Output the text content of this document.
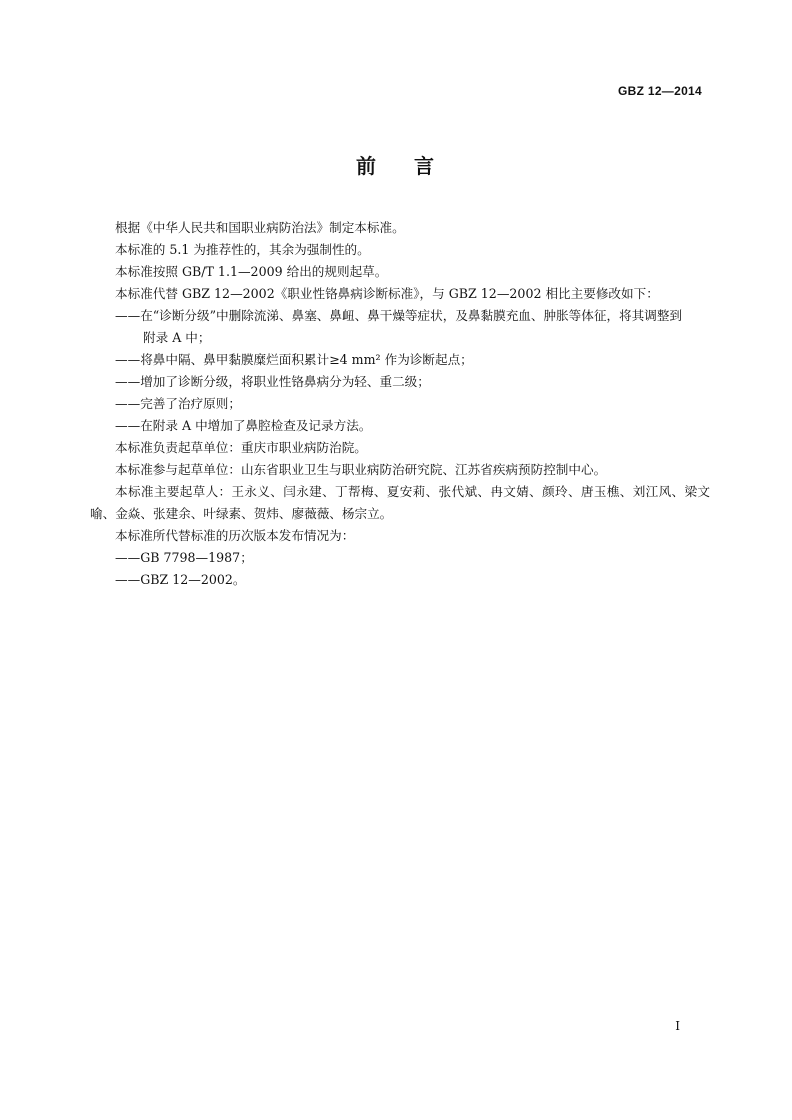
GBZ 12—2014
前 言

根据《中华人民共和国职业病防治法》制定本标准。

本标准的 5.1 为推荐性的，其余为强制性的。

本标准按照 GB/T 1.1—2009 给出的规则起草。

本标准代替 GBZ 12—2002《职业性铬鼻病诊断标准》，与 GBZ 12—2002 相比主要修改如下：

——在“诊断分级”中删除流涕、鼻塞、鼻衄、鼻干燥等症状，及鼻黏膜充血、肿胀等体征，将其调整到

附录 A 中；

——将鼻中隔、鼻甲黏膜糜烂面积累计≥4 mm² 作为诊断起点；

——增加了诊断分级，将职业性铬鼻病分为轻、重二级；

——完善了治疗原则；

——在附录 A 中增加了鼻腔检查及记录方法。

本标准负责起草单位：重庆市职业病防治院。

本标准参与起草单位：山东省职业卫生与职业病防治研究院、江苏省疾病预防控制中心。

本标准主要起草人：王永义、闫永建、丁帮梅、夏安莉、张代斌、冉文婧、颜玲、唐玉樵、刘江风、梁文喻、金焱、张建余、叶绿素、贺炜、廖薇薇、杨宗立。

本标准所代替标准的历次版本发布情况为：

——GB 7798—1987；

——GBZ 12—2002。

I
